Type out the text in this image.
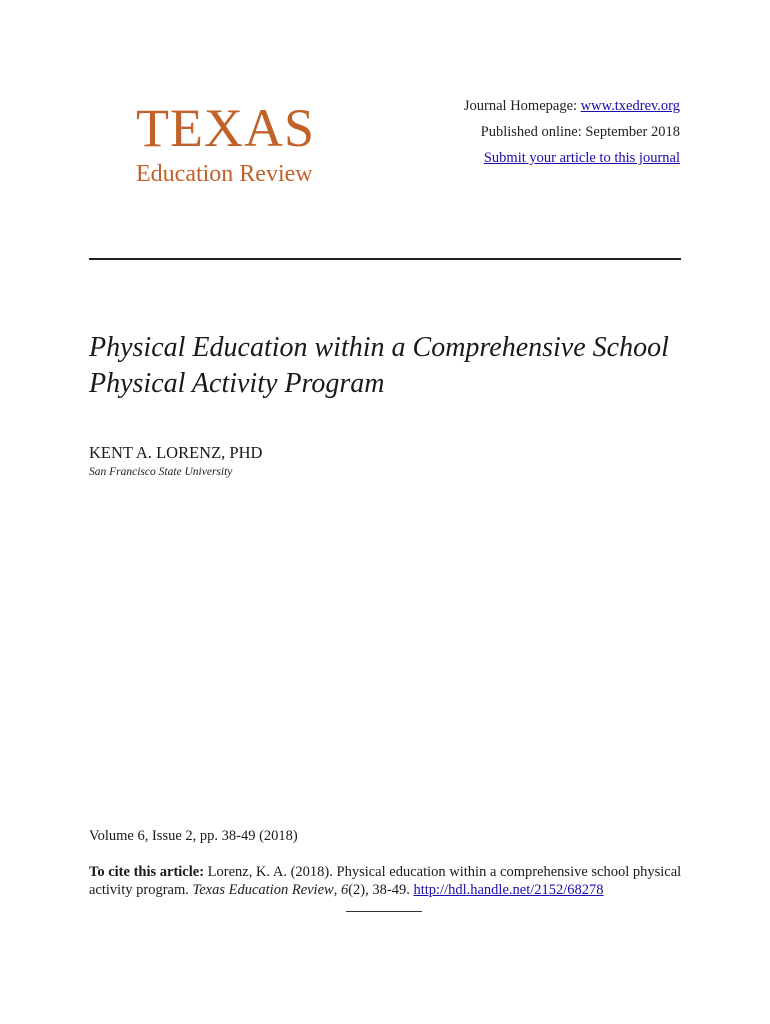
TEXAS
Education Review
Journal Homepage: www.txedrev.org
Published online: September 2018
Submit your article to this journal
Physical Education within a Comprehensive School
Physical Activity Program
KENT A. LORENZ, PHD
San Francisco State University
Volume 6, Issue 2, pp. 38-49 (2018)
To cite this article: Lorenz, K. A. (2018). Physical education within a comprehensive school physical activity program. Texas Education Review, 6(2), 38-49. http://hdl.handle.net/2152/68278
